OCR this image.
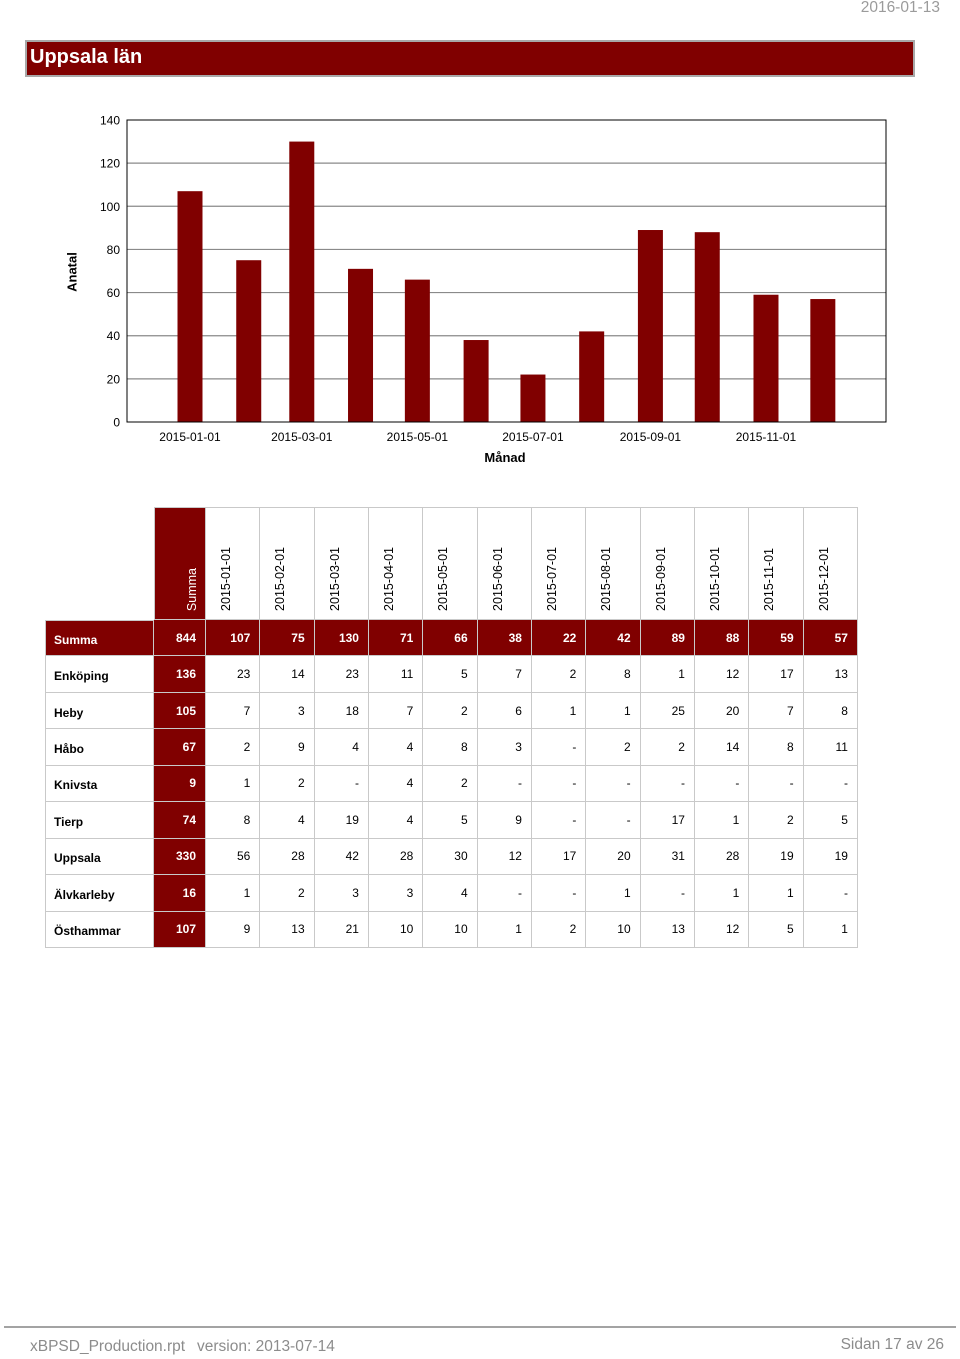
2016-01-13
Uppsala län
0
20
40
60
80
100
120
140
2015-01-01	2015-03-01	2015-05-01	2015-07-01	2015-09-01	2015-11-01
Månad
Anatal
Summa 2015-01-01	2015-02-01	2015-03-01	2015-04-01	2015-05-01	2015-06-01	2015-07-01	2015-08-01	2015-09-01	2015-10-01	2015-11-01	2015-12-01
Summa	844	107	75	130	71	66	38	22	42	89	88	59	57
Enköping	136	23	14	23	11	5	7	2	8	1	12	17	13
Heby	105	7	3	18	7	2	6	1	1	25	20	7	8
Håbo	67	2	9	4	4	8	3	-	2	2	14	8	11
Knivsta	9	1	2	-	4	2	-	-	-	-	-	-	-
Tierp	74	8	4	19	4	5	9	-	-	17	1	2	5
Uppsala	330	56	28	42	28	30	12	17	20	31	28	19	19
Älvkarleby	16	1	2	3	3	4	-	-	1	-	1	1	-
Östhammar	107	9	13	21	10	10	1	2	10	13	12	5	1
xBPSD_Production.rpt version: 2013-07-14	Sidan 17 av 26
